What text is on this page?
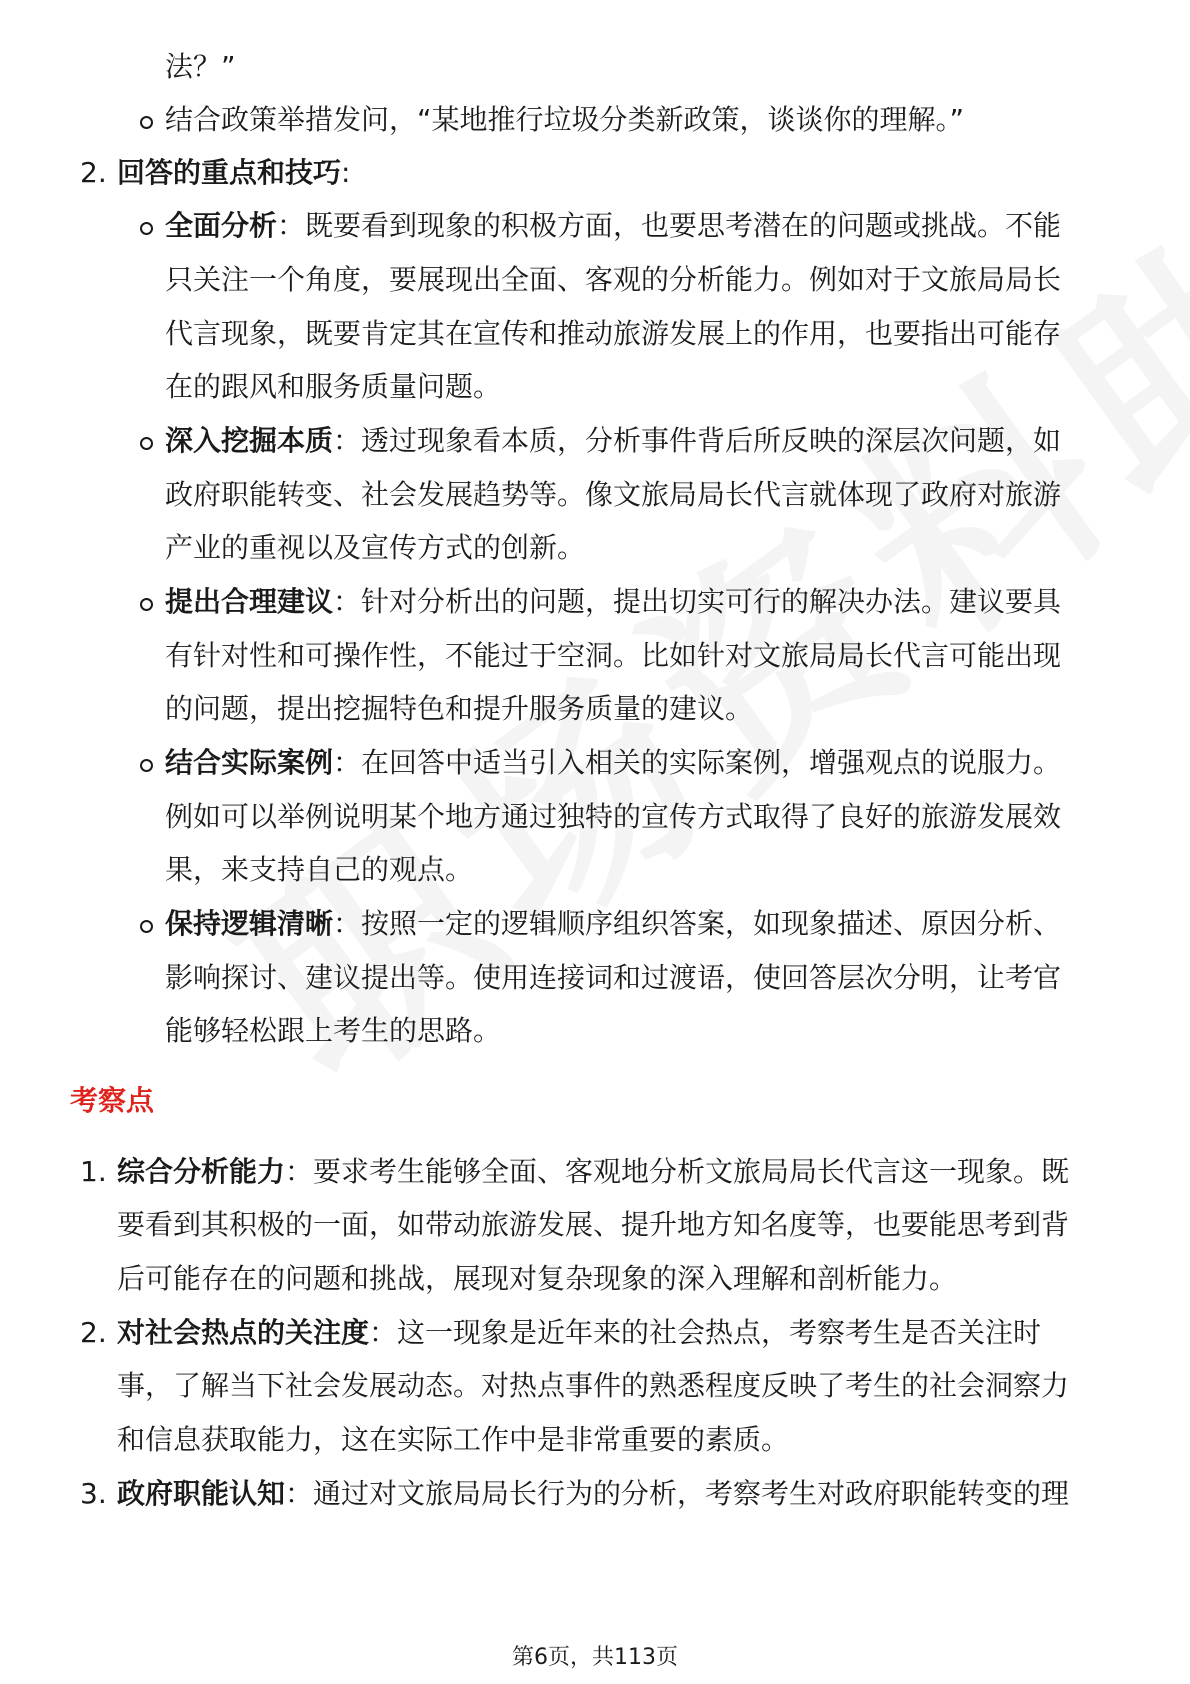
法？”
结合政策举措发问，“某地推行垃圾分类新政策，谈谈你的理解。”
2. 回答的重点和技巧:
全面分析：既要看到现象的积极方面，也要思考潜在的问题或挑战。不能
只关注一个角度，要展现出全面、客观的分析能力。例如对于文旅局局长
代言现象，既要肯定其在宣传和推动旅游发展上的作用，也要指出可能存
在的跟风和服务质量问题。
深入挖掘本质：透过现象看本质，分析事件背后所反映的深层次问题，如
政府职能转变、社会发展趋势等。像文旅局局长代言就体现了政府对旅游
产业的重视以及宣传方式的创新。
提出合理建议：针对分析出的问题，提出切实可行的解决办法。建议要具
有针对性和可操作性，不能过于空洞。比如针对文旅局局长代言可能出现
的问题，提出挖掘特色和提升服务质量的建议。
结合实际案例：在回答中适当引入相关的实际案例，增强观点的说服力。
例如可以举例说明某个地方通过独特的宣传方式取得了良好的旅游发展效
果，来支持自己的观点。
保持逻辑清晰：按照一定的逻辑顺序组织答案，如现象描述、原因分析、
影响探讨、建议提出等。使用连接词和过渡语，使回答层次分明，让考官
能够轻松跟上考生的思路。
考察点
1. 综合分析能力：要求考生能够全面、客观地分析文旅局局长代言这一现象。既
要看到其积极的一面，如带动旅游发展、提升地方知名度等，也要能思考到背
后可能存在的问题和挑战，展现对复杂现象的深入理解和剖析能力。
2. 对社会热点的关注度：这一现象是近年来的社会热点，考察考生是否关注时
事，了解当下社会发展动态。对热点事件的熟悉程度反映了考生的社会洞察力
和信息获取能力，这在实际工作中是非常重要的素质。
3. 政府职能认知：通过对文旅局局长行为的分析，考察考生对政府职能转变的理
第6页，共113页
